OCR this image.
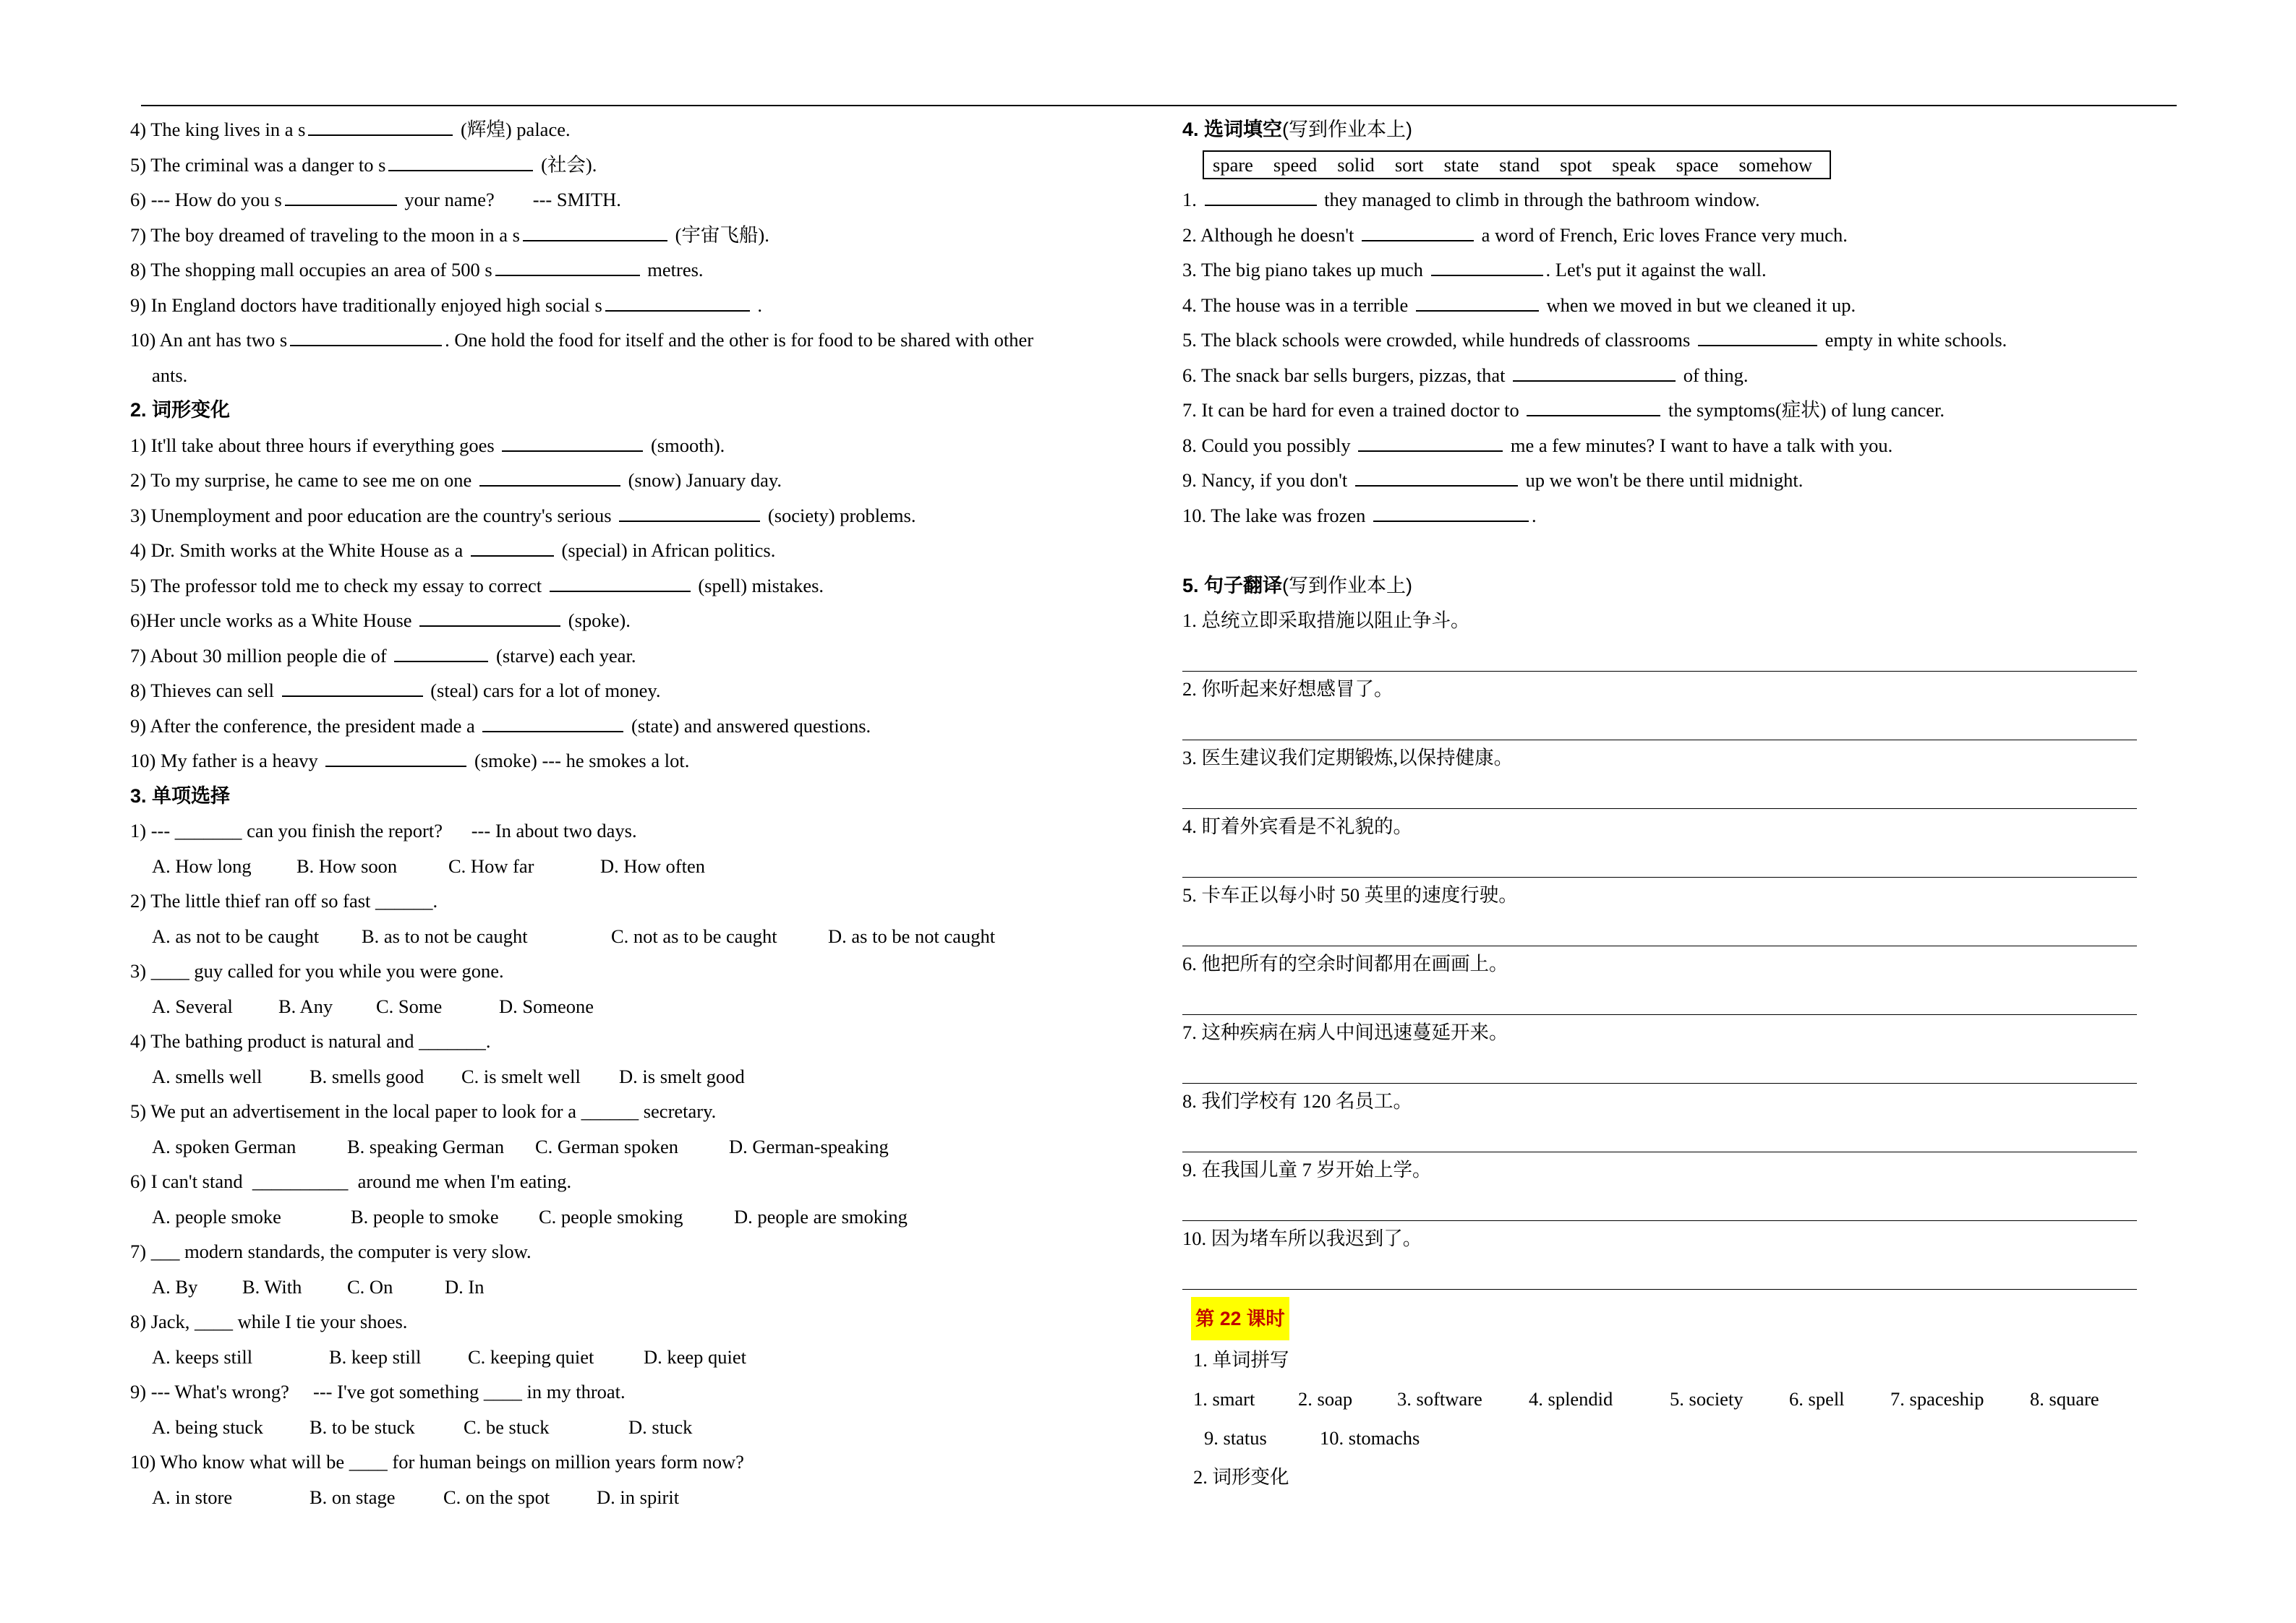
4) The king lives in a s	(辉煌) palace.
5) The criminal was a danger to s	(社会).
6) --- How do you s	your name?        --- SMITH.
7) The boy dreamed of traveling to the moon in a s	(宇宙飞船).
8) The shopping mall occupies an area of 500 s	metres.
9) In England doctors have traditionally enjoyed high social s	.
10) An ant has two s	. One hold the food for itself and the other is for food to be shared with other
ants.
2. 词形变化
1) It'll take about three hours if everything goes	(smooth).
2) To my surprise, he came to see me on one	(snow) January day.
3) Unemployment and poor education are the country's serious	(society) problems.
4) Dr. Smith works at the White House as a	(special) in African politics.
5) The professor told me to check my essay to correct	(spell) mistakes.
6)Her uncle works as a White House	(spoke).
7) About 30 million people die of	(starve) each year.
8) Thieves can sell	(steal) cars for a lot of money.
9) After the conference, the president made a	(state) and answered questions.
10) My father is a heavy	(smoke) --- he smokes a lot.
3. 单项选择
1) --- _______ can you finish the report?      --- In about two days.
A. How long B. How soon	C. How far	D. How often
2) The little thief ran off so fast ______.
A. as not to be caught B. as to not be caught	C. not as to be caught	D. as to be not caught
3) ____ guy called for you while you were gone.
A. Several B. Any C. Some	D. Someone
4) The bathing product is natural and _______.
A. smells well B. smells good C. is smelt well D. is smelt good
5) We put an advertisement in the local paper to look for a ______ secretary.
A. spoken German	B. speaking German C. German spoken	D. German-speaking
6) I can't stand  __________  around me when I'm eating.
A. people smoke	B. people to smoke C. people smoking	D. people are smoking
7) ___ modern standards, the computer is very slow.
A. By B. With C. On	D. In
8) Jack, ____ while I tie your shoes.
A. keeps still	B. keep still C. keeping quiet	D. keep quiet
9) --- What's wrong?     --- I've got something ____ in my throat.
A. being stuck B. to be stuck	C. be stuck	D. stuck
10) Who know what will be ____ for human beings on million years form now?
A. in store	B. on stage	C. on the spot D. in spirit
4. 选词填空(写到作业本上)
spare speed solid sort state stand spot speak space somehow
1.	they managed to climb in through the bathroom window.
2. Although he doesn't	a word of French, Eric loves France very much.
3. The big piano takes up much	. Let's put it against the wall.
4. The house was in a terrible	when we moved in but we cleaned it up.
5. The black schools were crowded, while hundreds of classrooms	empty in white schools.
6. The snack bar sells burgers, pizzas, that	of thing.
7. It can be hard for even a trained doctor to	the symptoms(症状) of lung cancer.
8. Could you possibly	me a few minutes? I want to have a talk with you.
9. Nancy, if you don't	up we won't be there until midnight.
10. The lake was frozen	.
5. 句子翻译(写到作业本上)
1. 总统立即采取措施以阻止争斗。
2. 你听起来好想感冒了。
3. 医生建议我们定期锻炼,以保持健康。
4. 盯着外宾看是不礼貌的。
5. 卡车正以每小时 50 英里的速度行驶。
6. 他把所有的空余时间都用在画画上。
7. 这种疾病在病人中间迅速蔓延开来。
8. 我们学校有 120 名员工。
9. 在我国儿童 7 岁开始上学。
10. 因为堵车所以我迟到了。
第 22 课时
1. 单词拼写
1. smart 2. soap 3. software 4. splendid	5. society 6. spell 7. spaceship 8. square
9. status	10. stomachs
2. 词形变化
